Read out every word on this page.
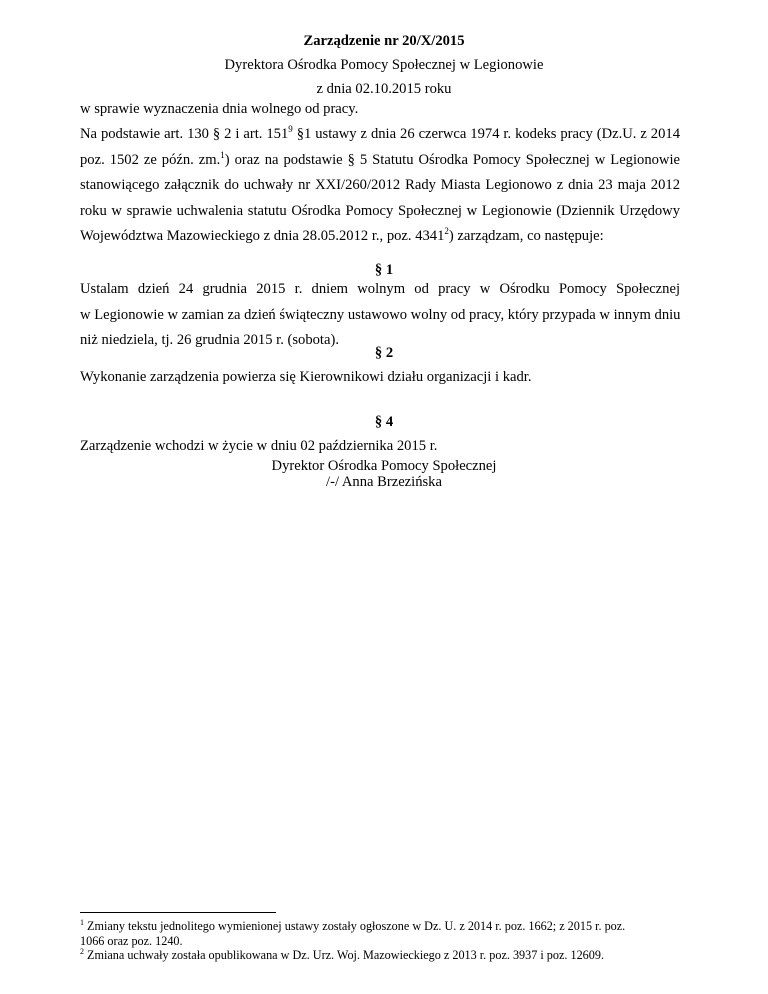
Zarządzenie nr 20/X/2015
Dyrektora Ośrodka Pomocy Społecznej w Legionowie
z dnia 02.10.2015 roku
w sprawie wyznaczenia dnia wolnego od pracy.
Na podstawie art. 130 § 2 i art. $151^9$ §1 ustawy z dnia 26 czerwca 1974 r. kodeks pracy (Dz.U. z 2014
poz. 1502 ze późn. zm.$^1$) oraz na podstawie § 5 Statutu Ośrodka Pomocy Społecznej w Legionowie
stanowiącego załącznik do uchwały nr XXI/260/2012 Rady Miasta Legionowo z dnia 23 maja 2012
roku w sprawie uchwalenia statutu Ośrodka Pomocy Społecznej w Legionowie (Dziennik Urzędowy
Województwa Mazowieckiego z dnia 28.05.2012 r., poz. 4341$^2$) zarządzam, co następuje:
§ 1
Ustalam dzień 24 grudnia 2015 r. dniem wolnym od pracy w Ośrodku Pomocy Społecznej
w Legionowie w zamian za dzień świąteczny ustawowo wolny od pracy, który przypada w innym dniu
niż niedziela, tj. 26 grudnia 2015 r. (sobota).
§ 2
Wykonanie zarządzenia powierza się Kierownikowi działu organizacji i kadr.
§ 4
Zarządzenie wchodzi w życie w dniu 02 października 2015 r.
Dyrektor Ośrodka Pomocy Społecznej
/-/ Anna Brzezińska
$^1$ Zmiany tekstu jednolitego wymienionej ustawy zostały ogłoszone w Dz. U. z 2014 r. poz. 1662; z 2015 r. poz.
1066 oraz poz. 1240.
$^2$ Zmiana uchwały została opublikowana w Dz. Urz. Woj. Mazowieckiego z 2013 r. poz. 3937 i poz. 12609.
